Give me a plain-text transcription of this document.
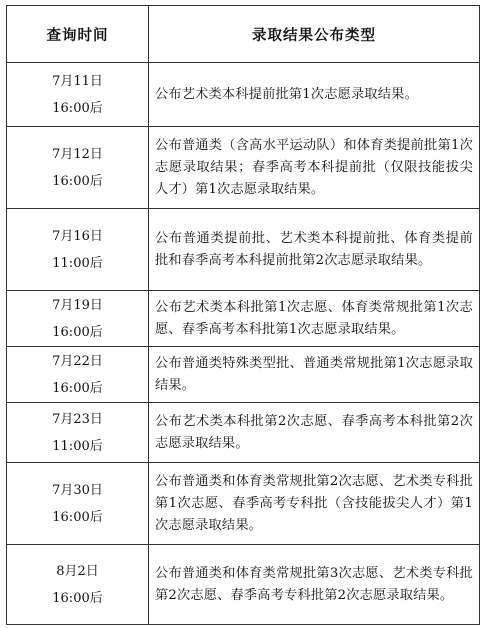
查询时间	录取结果公布类型

7月11日
16:00后	公布艺术类本科提前批第1次志愿录取结果。

7月12日
16:00后	公布普通类（含高水平运动队）和体育类提前批第1次志愿录取结果；春季高考本科提前批（仅限技能拔尖人才）第1次志愿录取结果。

7月16日
11:00后	公布普通类提前批、艺术类本科提前批、体育类提前批和春季高考本科提前批第2次志愿录取结果。

7月19日
16:00后	公布艺术类本科批第1次志愿、体育类常规批第1次志愿、春季高考本科批第1次志愿录取结果。

7月22日
16:00后	公布普通类特殊类型批、普通类常规批第1次志愿录取结果。

7月23日
11:00后	公布艺术类本科批第2次志愿、春季高考本科批第2次志愿录取结果。

7月30日
16:00后	公布普通类和体育类常规批第2次志愿、艺术类专科批第1次志愿、春季高考专科批（含技能拔尖人才）第1次志愿录取结果。

8月2日
16:00后	公布普通类和体育类常规批第3次志愿、艺术类专科批第2次志愿、春季高考专科批第2次志愿录取结果。
